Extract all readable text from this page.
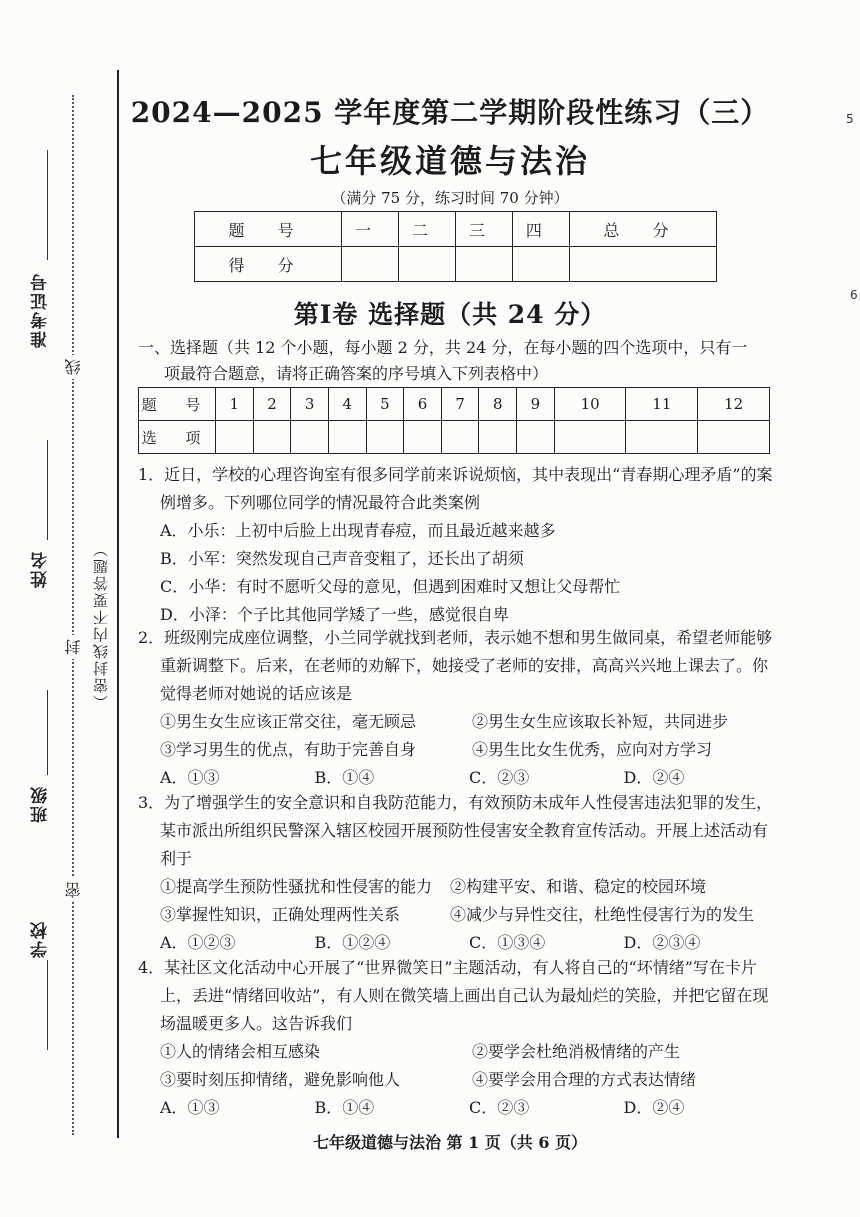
准考证号
姓名
班级
学校
线
封
密
（密封线内不要答题）
5
6
2024—2025 学年度第二学期阶段性练习（三）
七年级道德与法治
（满分 75 分，练习时间 70 分钟）
题 号	一	二	三	四	总 分
得 分					
第Ⅰ卷 选择题（共 24 分）
一、选择题（共 12 个小题，每小题 2 分，共 24 分，在每小题的四个选项中，只有一
项最符合题意，请将正确答案的序号填入下列表格中）
题 号	1	2	3	4	5	6	7	8	9	10	11	12
选 项												
1．近日，学校的心理咨询室有很多同学前来诉说烦恼，其中表现出“青春期心理矛盾”的案例增多。下列哪位同学的情况最符合此类案例
A．小乐：上初中后脸上出现青春痘，而且最近越来越多
B．小军：突然发现自己声音变粗了，还长出了胡须
C．小华：有时不愿听父母的意见，但遇到困难时又想让父母帮忙
D．小泽：个子比其他同学矮了一些，感觉很自卑
2．班级刚完成座位调整，小兰同学就找到老师，表示她不想和男生做同桌，希望老师能够重新调整下。后来，在老师的劝解下，她接受了老师的安排，高高兴兴地上课去了。你觉得老师对她说的话应该是
①男生女生应该正常交往，毫无顾忌	②男生女生应该取长补短，共同进步
③学习男生的优点，有助于完善自身	④男生比女生优秀，应向对方学习
A．①③	B．①④	C．②③	D．②④
3．为了增强学生的安全意识和自我防范能力，有效预防未成年人性侵害违法犯罪的发生，某市派出所组织民警深入辖区校园开展预防性侵害安全教育宣传活动。开展上述活动有利于
①提高学生预防性骚扰和性侵害的能力	②构建平安、和谐、稳定的校园环境
③掌握性知识，正确处理两性关系	④减少与异性交往，杜绝性侵害行为的发生
A．①②③	B．①②④	C．①③④	D．②③④
4．某社区文化活动中心开展了“世界微笑日”主题活动，有人将自己的“坏情绪”写在卡片上，丢进“情绪回收站”，有人则在微笑墙上画出自己认为最灿烂的笑脸，并把它留在现场温暖更多人。这告诉我们
①人的情绪会相互感染	②要学会杜绝消极情绪的产生
③要时刻压抑情绪，避免影响他人	④要学会用合理的方式表达情绪
A．①③	B．①④	C．②③	D．②④
七年级道德与法治 第 1 页（共 6 页）
